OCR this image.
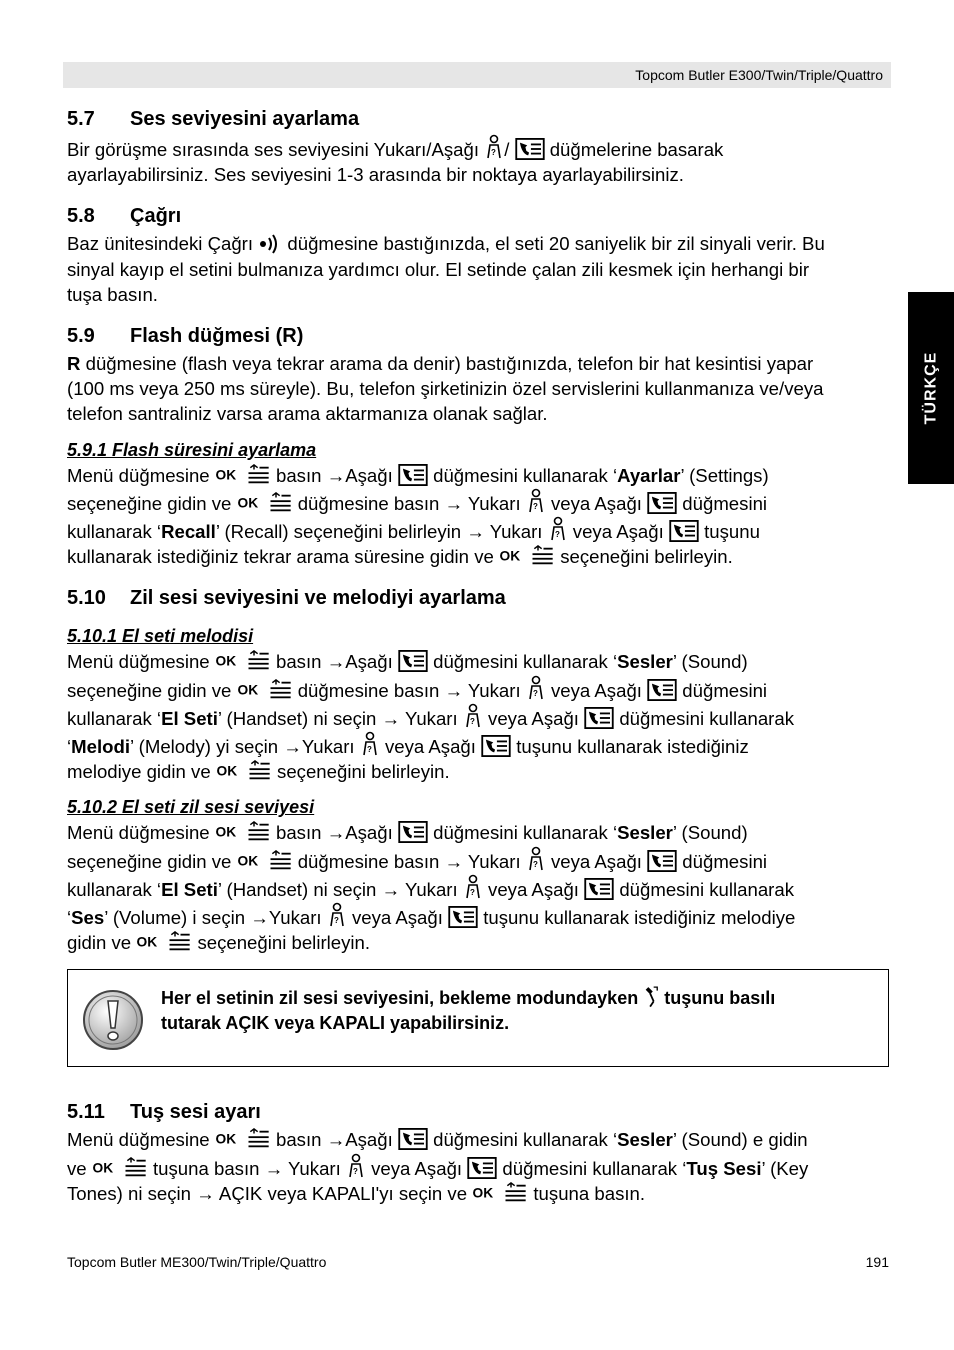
Topcom Butler E300/Twin/Triple/Quattro
TÜRKÇE
5.7 Ses seviyesini ayarlama

Bir görüşme sırasında ses seviyesini Yukarı/Aşağı / düğmelerine basarak
ayarlayabilirsiniz. Ses seviyesini 1-3 arasında bir noktaya ayarlayabilirsiniz.

5.8 Çağrı

Baz ünitesindeki Çağrı düğmesine bastığınızda, el seti 20 saniyelik bir zil sinyali verir. Bu
sinyal kayıp el setini bulmanıza yardımcı olur. El setinde çalan zili kesmek için herhangi bir
tuşa basın.

5.9 Flash düğmesi (R)

R düğmesine (flash veya tekrar arama da denir) bastığınızda, telefon bir hat kesintisi yapar
(100 ms veya 250 ms süreyle). Bu, telefon şirketinizin özel servislerini kullanmanıza ve/veya
telefon santraliniz varsa arama aktarmanıza olanak sağlar.

5.9.1 Flash süresini ayarlama

Menü düğmesine	basın →Aşağı düğmesini kullanarak ‘Ayarlar’ (Settings)
seçeneğine gidin ve	düğmesine basın → Yukarı veya Aşağı düğmesini
kullanarak ‘Recall’ (Recall) seçeneğini belirleyin → Yukarı veya Aşağı tuşunu
kullanarak istediğiniz tekrar arama süresine gidin ve	seçeneğini belirleyin.

5.10 Zil sesi seviyesini ve melodiyi ayarlama
5.10.1 El seti melodisi

Menü düğmesine	basın →Aşağı düğmesini kullanarak ‘Sesler’ (Sound)
seçeneğine gidin ve	düğmesine basın → Yukarı veya Aşağı düğmesini
kullanarak ‘El Seti’ (Handset) ni seçin → Yukarı veya Aşağı düğmesini kullanarak
‘Melodi’ (Melody) yi seçin →Yukarı veya Aşağı tuşunu kullanarak istediğiniz
melodiye gidin ve	seçeneğini belirleyin.

5.10.2 El seti zil sesi seviyesi

Menü düğmesine	basın →Aşağı düğmesini kullanarak ‘Sesler’ (Sound)
seçeneğine gidin ve	düğmesine basın → Yukarı veya Aşağı düğmesini
kullanarak ‘El Seti’ (Handset) ni seçin → Yukarı veya Aşağı düğmesini kullanarak
‘Ses’ (Volume) i seçin →Yukarı veya Aşağı tuşunu kullanarak istediğiniz melodiye
gidin ve	seçeneğini belirleyin.

Her el setinin zil sesi seviyesini, bekleme modundayken tuşunu basılı
tutarak AÇIK veya KAPALI yapabilirsiniz.
5.11 Tuş sesi ayarı

Menü düğmesine	basın →Aşağı düğmesini kullanarak ‘Sesler’ (Sound) e gidin
ve	tuşuna basın → Yukarı veya Aşağı düğmesini kullanarak ‘Tuş Sesi’ (Key
Tones) ni seçin → AÇIK veya KAPALI'yı seçin ve	tuşuna basın.

Topcom Butler ME300/Twin/Triple/Quattro	191
